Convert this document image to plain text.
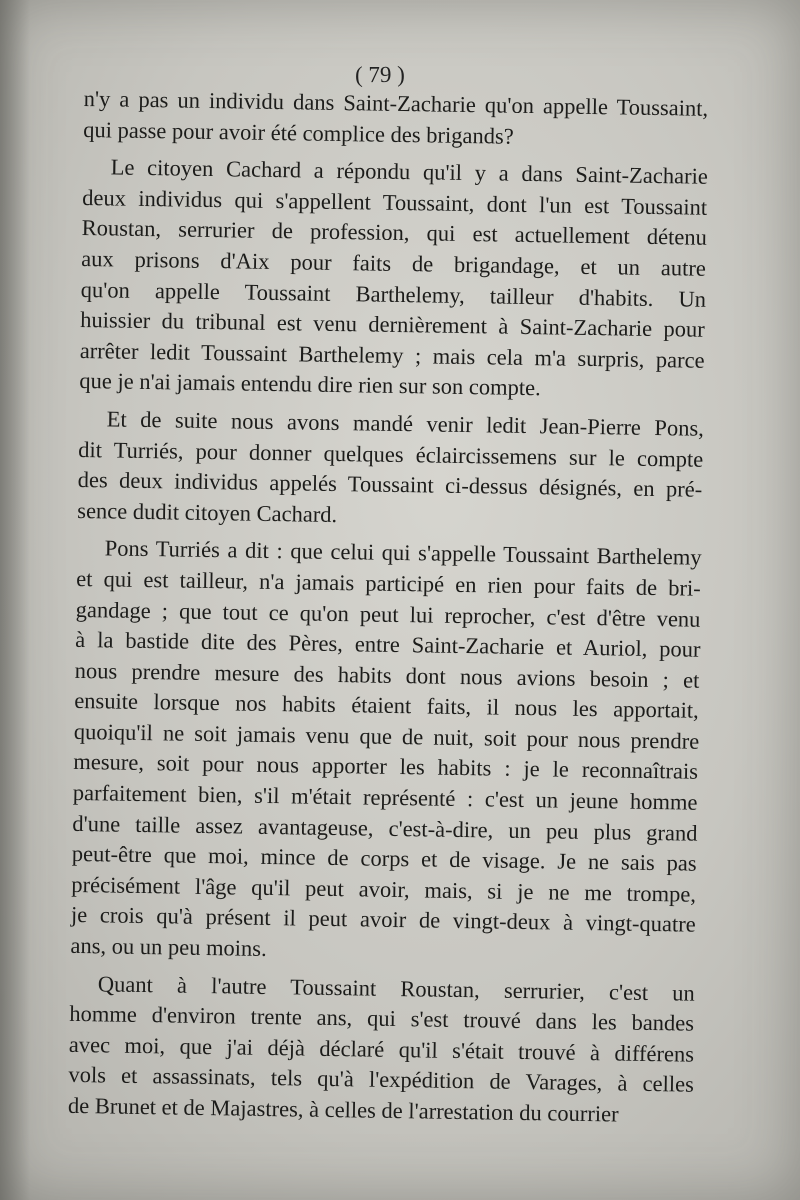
( 79 )

n'y a pas un individu dans Saint-Zacharie qu'on appelle Toussaint,
qui passe pour avoir été complice des brigands?

Le citoyen Cachard a répondu qu'il y a dans Saint-Zacharie
deux individus qui s'appellent Toussaint, dont l'un est Toussaint
Roustan, serrurier de profession, qui est actuellement détenu
aux prisons d'Aix pour faits de brigandage, et un autre
qu'on appelle Toussaint Barthelemy, tailleur d'habits. Un
huissier du tribunal est venu dernièrement à Saint-Zacharie pour
arrêter ledit Toussaint Barthelemy ; mais cela m'a surpris, parce
que je n'ai jamais entendu dire rien sur son compte.

Et de suite nous avons mandé venir ledit Jean-Pierre Pons,
dit Turriés, pour donner quelques éclaircissemens sur le compte
des deux individus appelés Toussaint ci-dessus désignés, en pré-
sence dudit citoyen Cachard.

Pons Turriés a dit : que celui qui s'appelle Toussaint Barthelemy
et qui est tailleur, n'a jamais participé en rien pour faits de bri-
gandage ; que tout ce qu'on peut lui reprocher, c'est d'être venu
à la bastide dite des Pères, entre Saint-Zacharie et Auriol, pour
nous prendre mesure des habits dont nous avions besoin ; et
ensuite lorsque nos habits étaient faits, il nous les apportait,
quoiqu'il ne soit jamais venu que de nuit, soit pour nous prendre
mesure, soit pour nous apporter les habits : je le reconnaîtrais
parfaitement bien, s'il m'était représenté : c'est un jeune homme
d'une taille assez avantageuse, c'est-à-dire, un peu plus grand
peut-être que moi, mince de corps et de visage. Je ne sais pas
précisément l'âge qu'il peut avoir, mais, si je ne me trompe,
je crois qu'à présent il peut avoir de vingt-deux à vingt-quatre
ans, ou un peu moins.

Quant à l'autre Toussaint Roustan, serrurier, c'est un
homme d'environ trente ans, qui s'est trouvé dans les bandes
avec moi, que j'ai déjà déclaré qu'il s'était trouvé à différens
vols et assassinats, tels qu'à l'expédition de Varages, à celles
de Brunet et de Majastres, à celles de l'arrestation du courrier
